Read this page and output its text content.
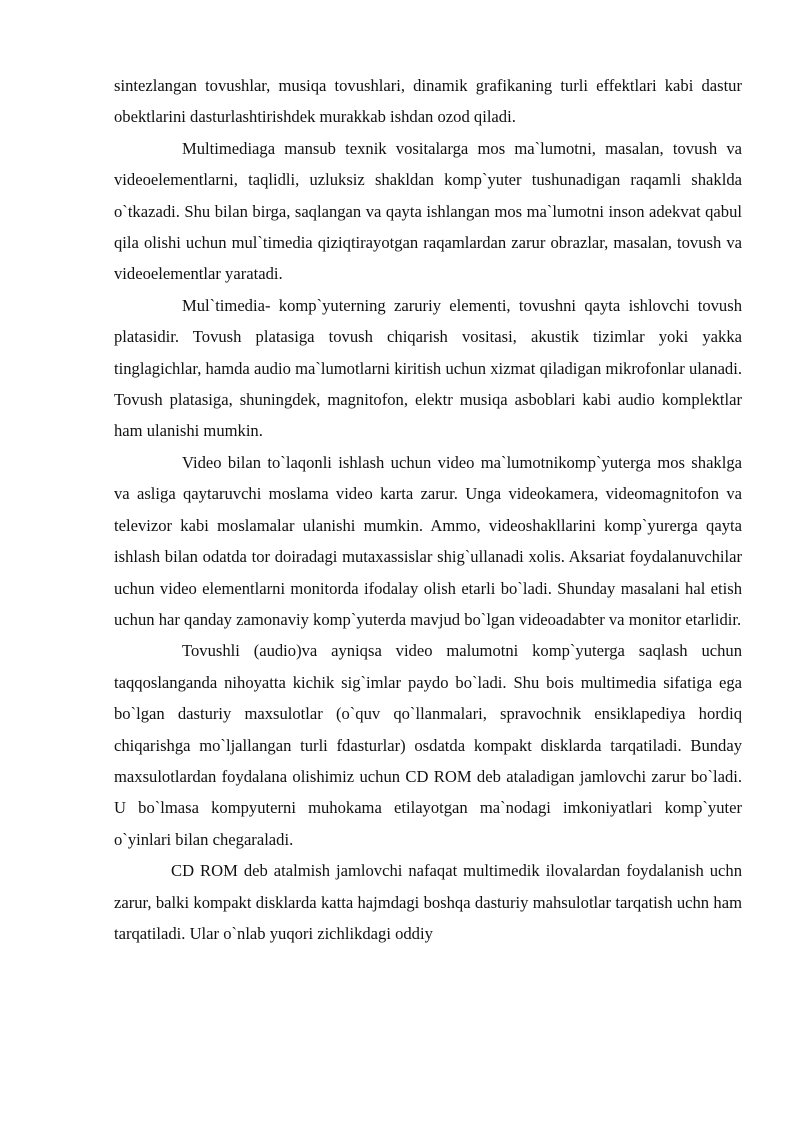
sintezlangan tovushlar, musiqa tovushlari, dinamik grafikaning turli effektlari kabi dastur obektlarini dasturlashtirishdek murakkab ishdan ozod qiladi.

Multimediaga mansub texnik vositalarga mos ma`lumotni, masalan, tovush va videoelementlarni, taqlidli, uzluksiz shakldan komp`yuter tushunadigan raqamli shaklda o`tkazadi. Shu bilan birga, saqlangan va qayta ishlangan mos ma`lumotni inson adekvat qabul qila olishi uchun mul`timedia qiziqtirayotgan raqamlardan zarur obrazlar, masalan, tovush va videoelementlar yaratadi.

Mul`timedia- komp`yuterning zaruriy elementi, tovushni qayta ishlovchi tovush platasidir. Tovush platasiga tovush chiqarish vositasi, akustik tizimlar yoki yakka tinglagichlar, hamda audio ma`lumotlarni kiritish uchun xizmat qiladigan mikrofonlar ulanadi. Tovush platasiga, shuningdek, magnitofon, elektr musiqa asboblari kabi audio komplektlar ham ulanishi mumkin.

Video bilan to`laqonli ishlash uchun video ma`lumotnikomp`yuterga mos shaklga va asliga qaytaruvchi moslama video karta zarur. Unga videokamera, videomagnitofon va televizor kabi moslamalar ulanishi mumkin. Ammo, videoshakllarini komp`yurerga qayta ishlash bilan odatda tor doiradagi mutaxassislar shig`ullanadi xolis. Aksariat foydalanuvchilar uchun video elementlarni monitorda ifodalay olish etarli bo`ladi. Shunday masalani hal etish uchun har qanday zamonaviy komp`yuterda mavjud bo`lgan videoadabter va monitor etarlidir.

Tovushli (audio)va ayniqsa video malumotni komp`yuterga saqlash uchun taqqoslanganda nihoyatta kichik sig`imlar paydo bo`ladi. Shu bois multimedia sifatiga ega bo`lgan dasturiy maxsulotlar (o`quv qo`llanmalari, spravochnik ensiklapediya hordiq chiqarishga mo`ljallangan turli fdasturlar) osdatda kompakt disklarda tarqatiladi. Bunday maxsulotlardan foydalana olishimiz uchun CD ROM deb ataladigan jamlovchi zarur bo`ladi. U bo`lmasa kompyuterni muhokama etilayotgan ma`nodagi imkoniyatlari komp`yuter o`yinlari bilan chegaraladi.

CD ROM deb atalmish jamlovchi nafaqat multimedik ilovalardan foydalanish uchn zarur, balki kompakt disklarda katta hajmdagi boshqa dasturiy mahsulotlar tarqatish uchn ham tarqatiladi. Ular o`nlab yuqori zichlikdagi oddiy
